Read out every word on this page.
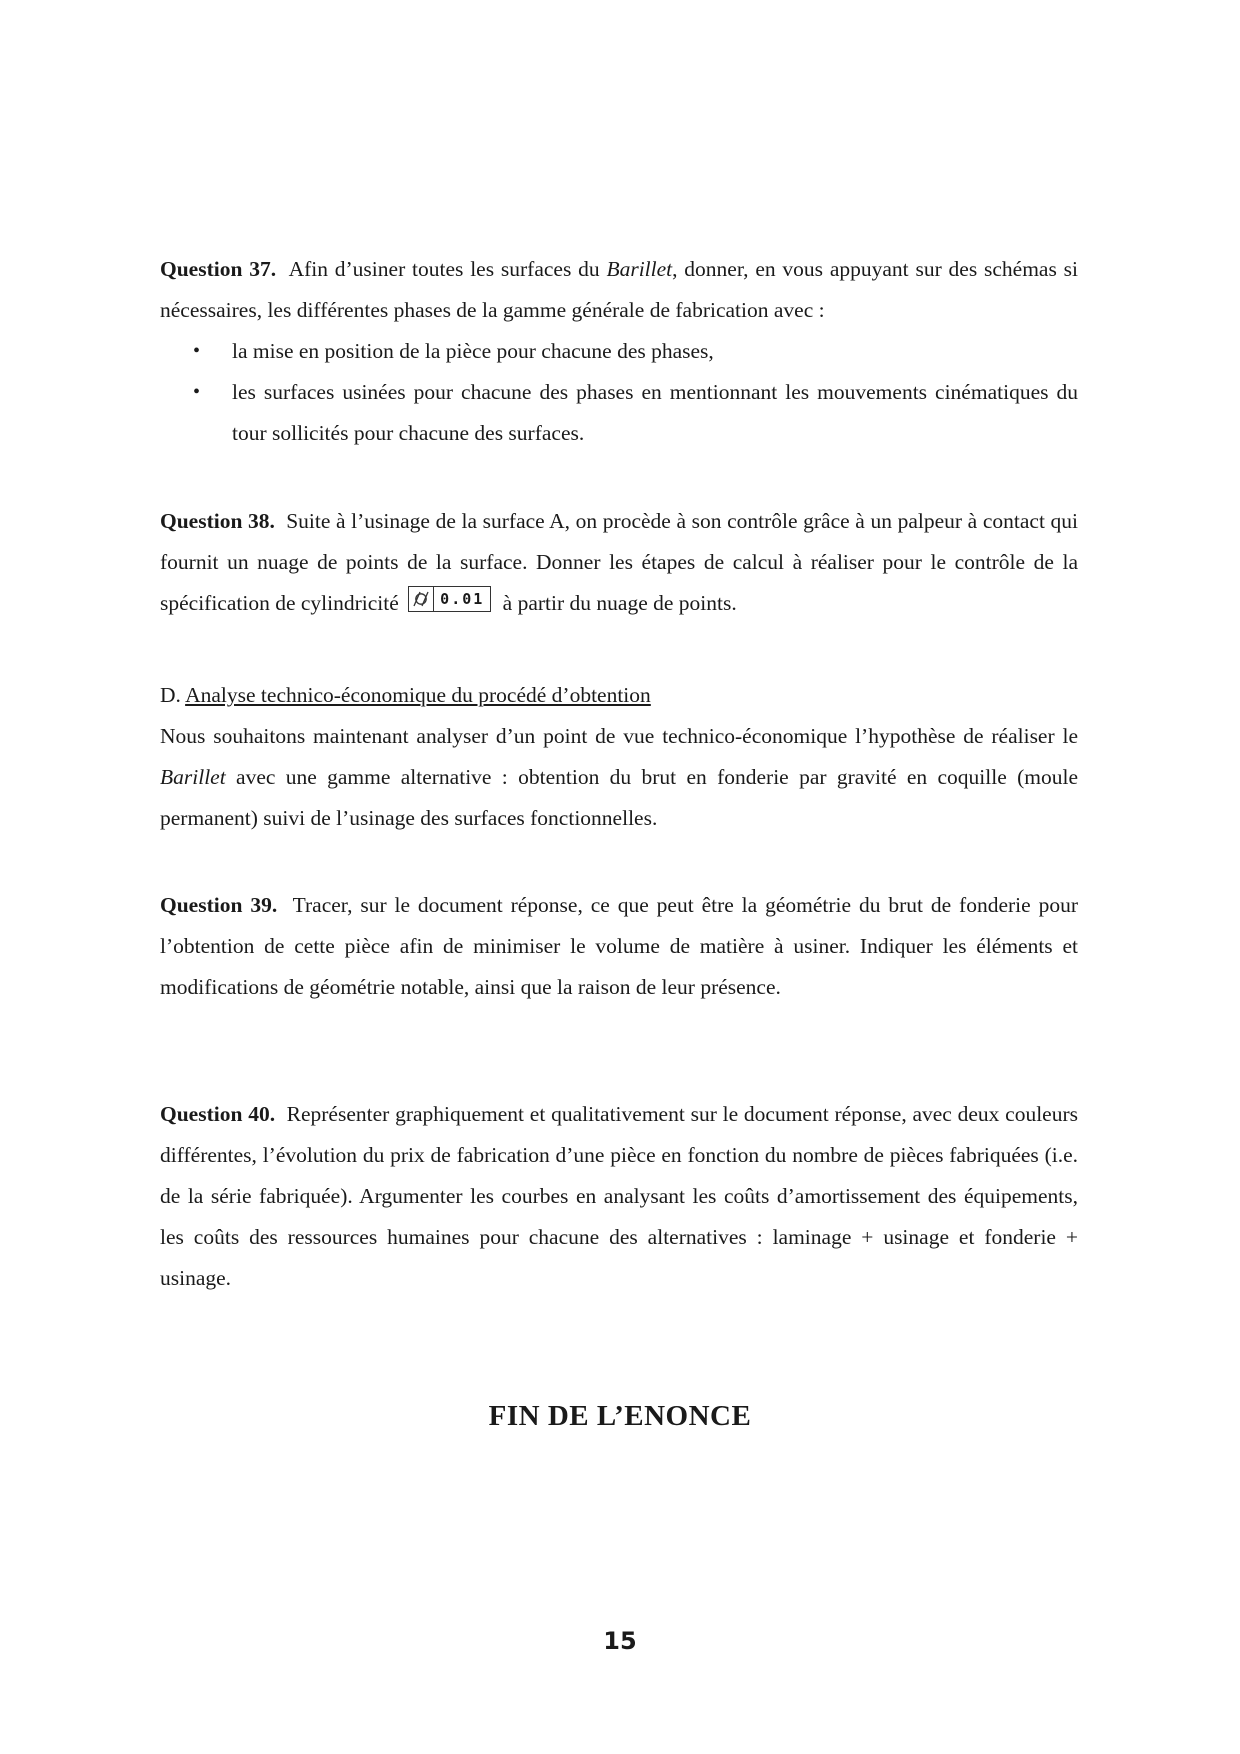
Question 37. Afin d’usiner toutes les surfaces du Barillet, donner, en vous appuyant sur des schémas si nécessaires, les différentes phases de la gamme générale de fabrication avec :
• la mise en position de la pièce pour chacune des phases,
• les surfaces usinées pour chacune des phases en mentionnant les mouvements cinématiques du tour sollicités pour chacune des surfaces.
Question 38. Suite à l’usinage de la surface A, on procède à son contrôle grâce à un palpeur à contact qui fournit un nuage de points de la surface. Donner les étapes de calcul à réaliser pour le contrôle de la spécification de cylindricité	0.01 à partir du nuage de points.
D. Analyse technico-économique du procédé d’obtention
Nous souhaitons maintenant analyser d’un point de vue technico-économique l’hypothèse de réaliser le Barillet avec une gamme alternative : obtention du brut en fonderie par gravité en coquille (moule permanent) suivi de l’usinage des surfaces fonctionnelles.
Question 39. Tracer, sur le document réponse, ce que peut être la géométrie du brut de fonderie pour l’obtention de cette pièce afin de minimiser le volume de matière à usiner. Indiquer les éléments et modifications de géométrie notable, ainsi que la raison de leur présence.
Question 40. Représenter graphiquement et qualitativement sur le document réponse, avec deux couleurs différentes, l’évolution du prix de fabrication d’une pièce en fonction du nombre de pièces fabriquées (i.e. de la série fabriquée). Argumenter les courbes en analysant les coûts d’amortissement des équipements, les coûts des ressources humaines pour chacune des alternatives : laminage + usinage et fonderie + usinage.
FIN DE L’ENONCE
15
